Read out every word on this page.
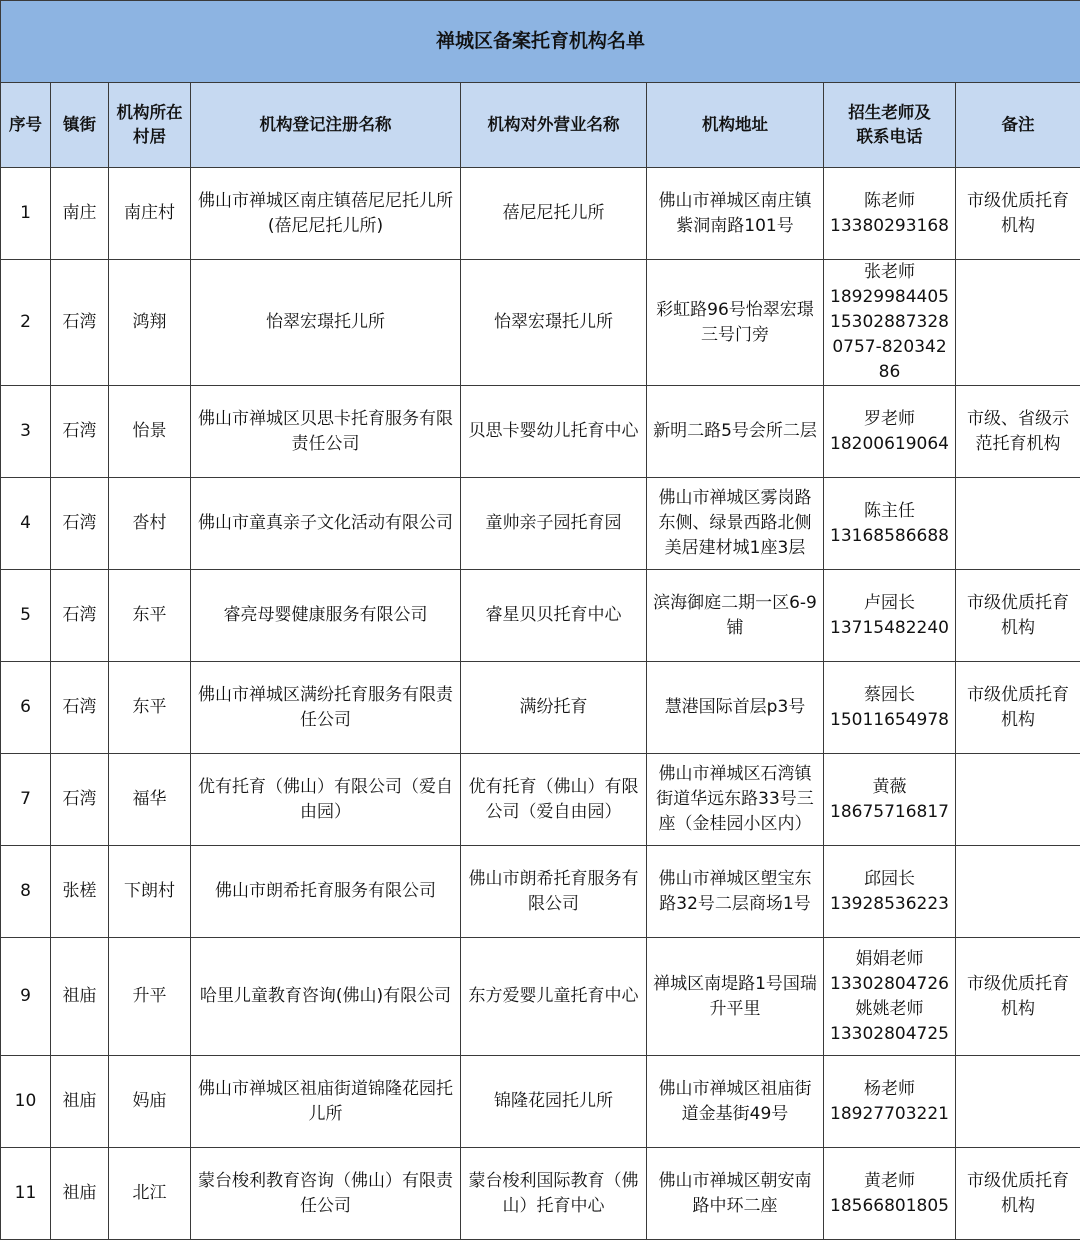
禅城区备案托育机构名单							

序号	镇街	机构所在
村居	机构登记注册名称	机构对外营业名称	机构地址	招生老师及
联系电话	备注

1	南庄	南庄村	佛山市禅城区南庄镇蓓尼尼托儿所
(蓓尼尼托儿所)	蓓尼尼托儿所	佛山市禅城区南庄镇
紫洞南路101号	陈老师
13380293168	市级优质托育
机构

2	石湾	鸿翔	怡翠宏璟托儿所	怡翠宏璟托儿所	彩虹路96号怡翠宏璟
三号门旁	张老师
18929984405
15302887328
0757-82034286	

3	石湾	怡景	佛山市禅城区贝思卡托育服务有限
责任公司	贝思卡婴幼儿托育中心	新明二路5号会所二层	罗老师
18200619064	市级、省级示
范托育机构

4	石湾	沓村	佛山市童真亲子文化活动有限公司	童帅亲子园托育园	佛山市禅城区雾岗路
东侧、绿景西路北侧
美居建材城1座3层	陈主任
13168586688	

5	石湾	东平	睿亮母婴健康服务有限公司	睿星贝贝托育中心	滨海御庭二期一区6-9
铺	卢园长
13715482240	市级优质托育
机构

6	石湾	东平	佛山市禅城区满纷托育服务有限责
任公司	满纷托育	慧港国际首层p3号	蔡园长
15011654978	市级优质托育
机构

7	石湾	福华	优有托育（佛山）有限公司（爱自
由园）	优有托育（佛山）有限
公司（爱自由园）	佛山市禅城区石湾镇
街道华远东路33号三
座（金桂园小区内）	黄薇
18675716817	

8	张槎	下朗村	佛山市朗希托育服务有限公司	佛山市朗希托育服务有
限公司	佛山市禅城区塱宝东
路32号二层商场1号	邱园长
13928536223	

9	祖庙	升平	哈里儿童教育咨询(佛山)有限公司	东方爱婴儿童托育中心	禅城区南堤路1号国瑞
升平里	娟娟老师
13302804726
姚姚老师
13302804725	市级优质托育
机构

10	祖庙	妈庙	佛山市禅城区祖庙街道锦隆花园托
儿所	锦隆花园托儿所	佛山市禅城区祖庙街
道金基街49号	杨老师
18927703221	

11	祖庙	北江	蒙台梭利教育咨询（佛山）有限责
任公司	蒙台梭利国际教育（佛
山）托育中心	佛山市禅城区朝安南
路中环二座	黄老师
18566801805	市级优质托育
机构
